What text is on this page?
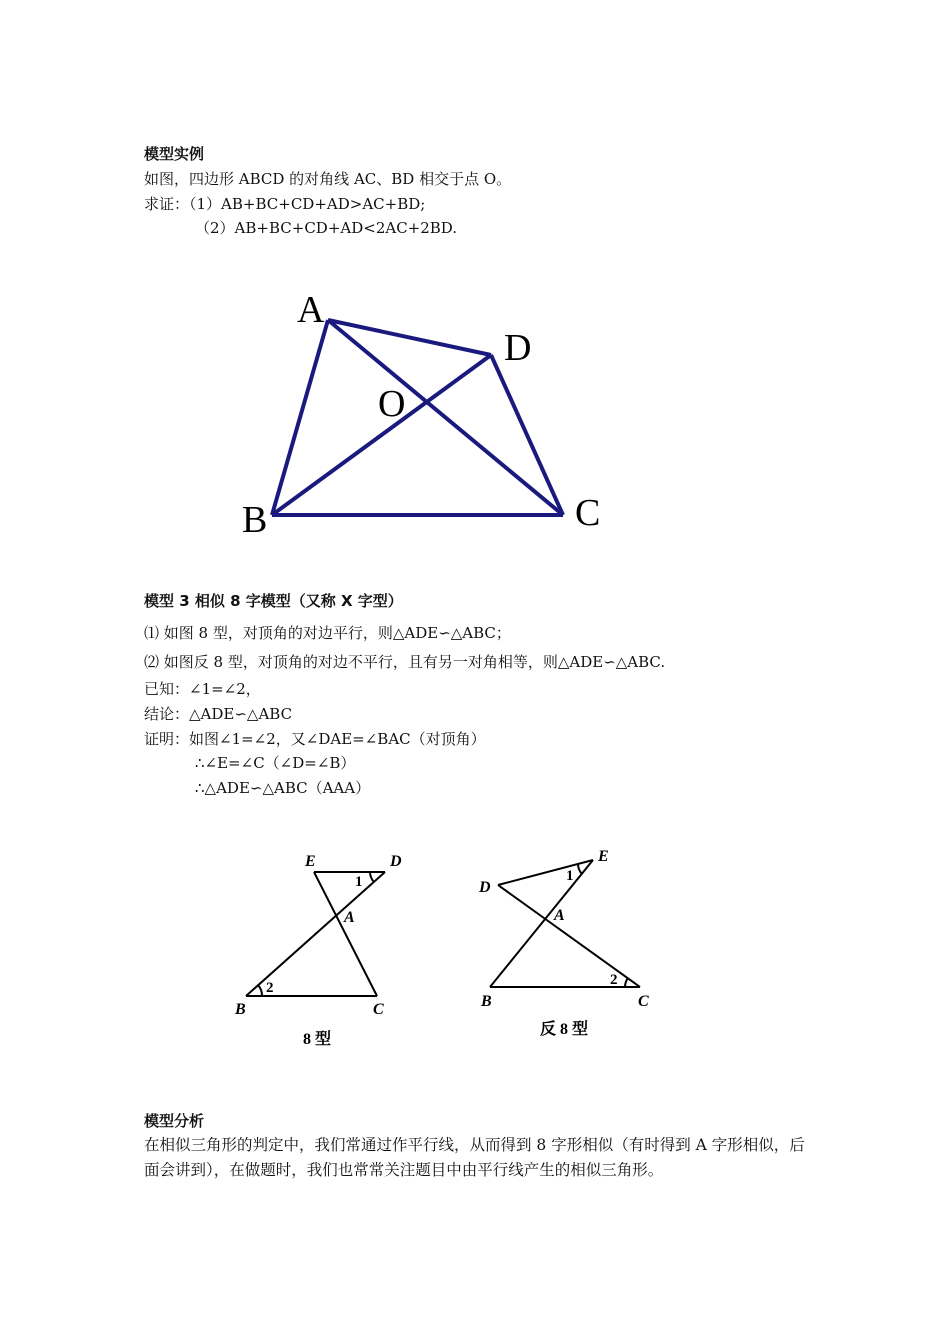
模型实例
如图，四边形 ABCD 的对角线 AC、BD 相交于点 O。
求证：（1）AB+BC+CD+AD>AC+BD;
（2）AB+BC+CD+AD<2AC+2BD.
A
D
O
B	C
模型 3 相似 8 字模型（又称 X 字型）
⑴ 如图 8 型，对顶角的对边平行，则△ADE∽△ABC；
⑵ 如图反 8 型，对顶角的对边不平行，且有另一对角相等，则△ADE∽△ABC.
已知：∠1=∠2，
结论：△ADE∽△ABC
证明：如图∠1=∠2，又∠DAE=∠BAC（对顶角）
∴∠E=∠C（∠D=∠B）
∴△ADE∽△ABC（AAA）
E	D
A
B	C
1
2
8 型
E
D
A
B	C
1
2
反 8 型
模型分析
在相似三角形的判定中，我们常通过作平行线，从而得到 8 字形相似（有时得到 A 字形相似，后面会讲到），在做题时，我们也常常关注题目中由平行线产生的相似三角形。
